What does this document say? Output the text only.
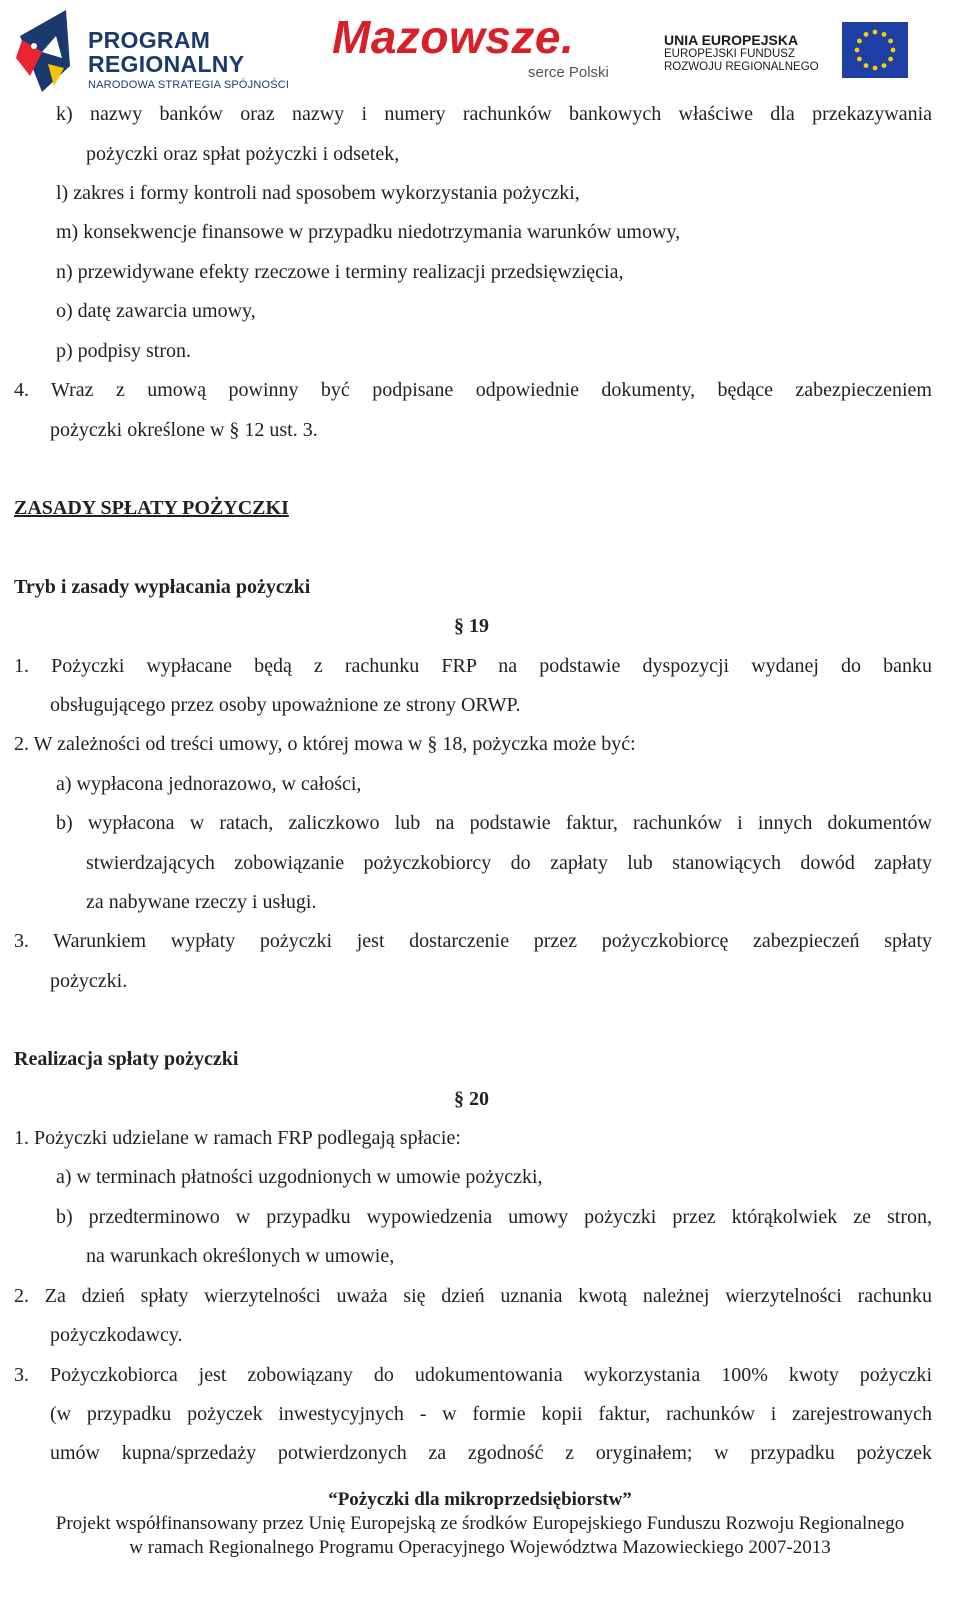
PROGRAM
REGIONALNY
NARODOWA STRATEGIA SPÓJNOŚCI
Mazowsze.
serce Polski
UNIA EUROPEJSKA
EUROPEJSKI FUNDUSZ
ROZWOJU REGIONALNEGO
k) nazwy banków oraz nazwy i numery rachunków bankowych właściwe dla przekazywania
pożyczki oraz spłat pożyczki i odsetek,
l) zakres i formy kontroli nad sposobem wykorzystania pożyczki,
m) konsekwencje finansowe w przypadku niedotrzymania warunków umowy,
n) przewidywane efekty rzeczowe i terminy realizacji przedsięwzięcia,
o) datę zawarcia umowy,
p) podpisy stron.
4. Wraz z umową powinny być podpisane odpowiednie dokumenty, będące zabezpieczeniem
pożyczki określone w § 12 ust. 3.
ZASADY SPŁATY POŻYCZKI
Tryb i zasady wypłacania pożyczki
§ 19
1. Pożyczki wypłacane będą z rachunku FRP na podstawie dyspozycji wydanej do banku
obsługującego przez osoby upoważnione ze strony ORWP.
2. W zależności od treści umowy, o której mowa w § 18, pożyczka może być:
a) wypłacona jednorazowo, w całości,
b) wypłacona w ratach, zaliczkowo lub na podstawie faktur, rachunków i innych dokumentów
stwierdzających zobowiązanie pożyczkobiorcy do zapłaty lub stanowiących dowód zapłaty
za nabywane rzeczy i usługi.
3. Warunkiem wypłaty pożyczki jest dostarczenie przez pożyczkobiorcę zabezpieczeń spłaty
pożyczki.
Realizacja spłaty pożyczki
§ 20
1. Pożyczki udzielane w ramach FRP podlegają spłacie:
a) w terminach płatności uzgodnionych w umowie pożyczki,
b) przedterminowo w przypadku wypowiedzenia umowy pożyczki przez którąkolwiek ze stron,
na warunkach określonych w umowie,
2. Za dzień spłaty wierzytelności uważa się dzień uznania kwotą należnej wierzytelności rachunku
pożyczkodawcy.
3. Pożyczkobiorca jest zobowiązany do udokumentowania wykorzystania 100% kwoty pożyczki
(w przypadku pożyczek inwestycyjnych - w formie kopii faktur, rachunków i zarejestrowanych
umów kupna/sprzedaży potwierdzonych za zgodność z oryginałem; w przypadku pożyczek
“Pożyczki dla mikroprzedsiębiorstw”
Projekt współfinansowany przez Unię Europejską ze środków Europejskiego Funduszu Rozwoju Regionalnego
w ramach Regionalnego Programu Operacyjnego Województwa Mazowieckiego 2007-2013
